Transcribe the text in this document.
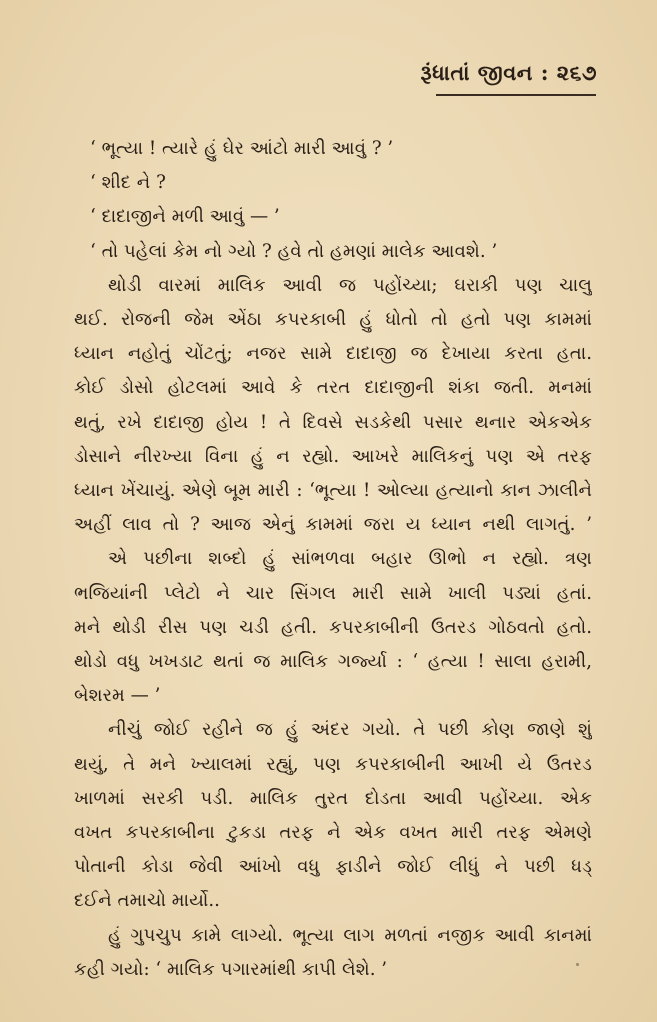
રૂંધાતાં જીવન : ૨૬૭
‘ ભૂત્યા ! ત્યારે હું ઘેર આંટો મારી આવું ? ’
‘ શીદ ને ?
‘ દાદાજીને મળી આવું — ’
‘ તો પહેલાં કેમ નો ગ્યો ? હવે તો હમણાં માલેક આવશે. ’
થોડી વારમાં માલિક આવી જ પહોંચ્યા; ઘરાકી પણ ચાલુ
થઈ. રોજની જેમ એંઠા કપરકાબી હું ધોતો તો હતો પણ કામમાં
ધ્યાન નહોતું ચોંટતું; નજર સામે દાદાજી જ દેખાયા કરતા હતા.
કોઈ ડોસો હોટલમાં આવે કે તરત દાદાજીની શંકા જતી. મનમાં
થતું, રખે દાદાજી હોય ! તે દિવસે સડકેથી પસાર થનાર એકએક
ડોસાને નીરખ્યા વિના હું ન રહ્યો. આખરે માલિકનું પણ એ તરફ
ધ્યાન ખેંચાયું. એણે બૂમ મારી : ‘ભૂત્યા ! ઓલ્યા હત્યાનો કાન ઝાલીને
અહીં લાવ તો ? આજ એનું કામમાં જરા ય ધ્યાન નથી લાગતું. ’
એ પછીના શબ્દો હું સાંભળવા બહાર ઊભો ન રહ્યો. ત્રણ
ભજિયાંની પ્લેટો ને ચાર સિંગલ મારી સામે ખાલી પડ્યાં હતાં.
મને થોડી રીસ પણ ચડી હતી. કપરકાબીની ઉતરડ ગોઠવતો હતો.
થોડો વધુ ખખડાટ થતાં જ માલિક ગર્જ્યા : ‘ હત્યા ! સાલા હરામી,
બેશરમ — ’
નીચું જોઈ રહીને જ હું અંદર ગયો. તે પછી કોણ જાણે શું
થયું, તે મને ખ્યાલમાં રહ્યું, પણ કપરકાબીની આખી યે ઉતરડ
ખાળમાં સરકી પડી. માલિક તુરત દોડતા આવી પહોંચ્યા. એક
વખત કપરકાબીના ટુકડા તરફ ને એક વખત મારી તરફ એમણે
પોતાની કોડા જેવી આંખો વધુ ફાડીને જોઈ લીધું ને પછી ધડ્
દઈને તમાચો માર્યો..
હું ગુપચુપ કામે લાગ્યો. ભૂત્યા લાગ મળતાં નજીક આવી કાનમાં
કહી ગયો: ‘ માલિક પગારમાંથી કાપી લેશે. ’
